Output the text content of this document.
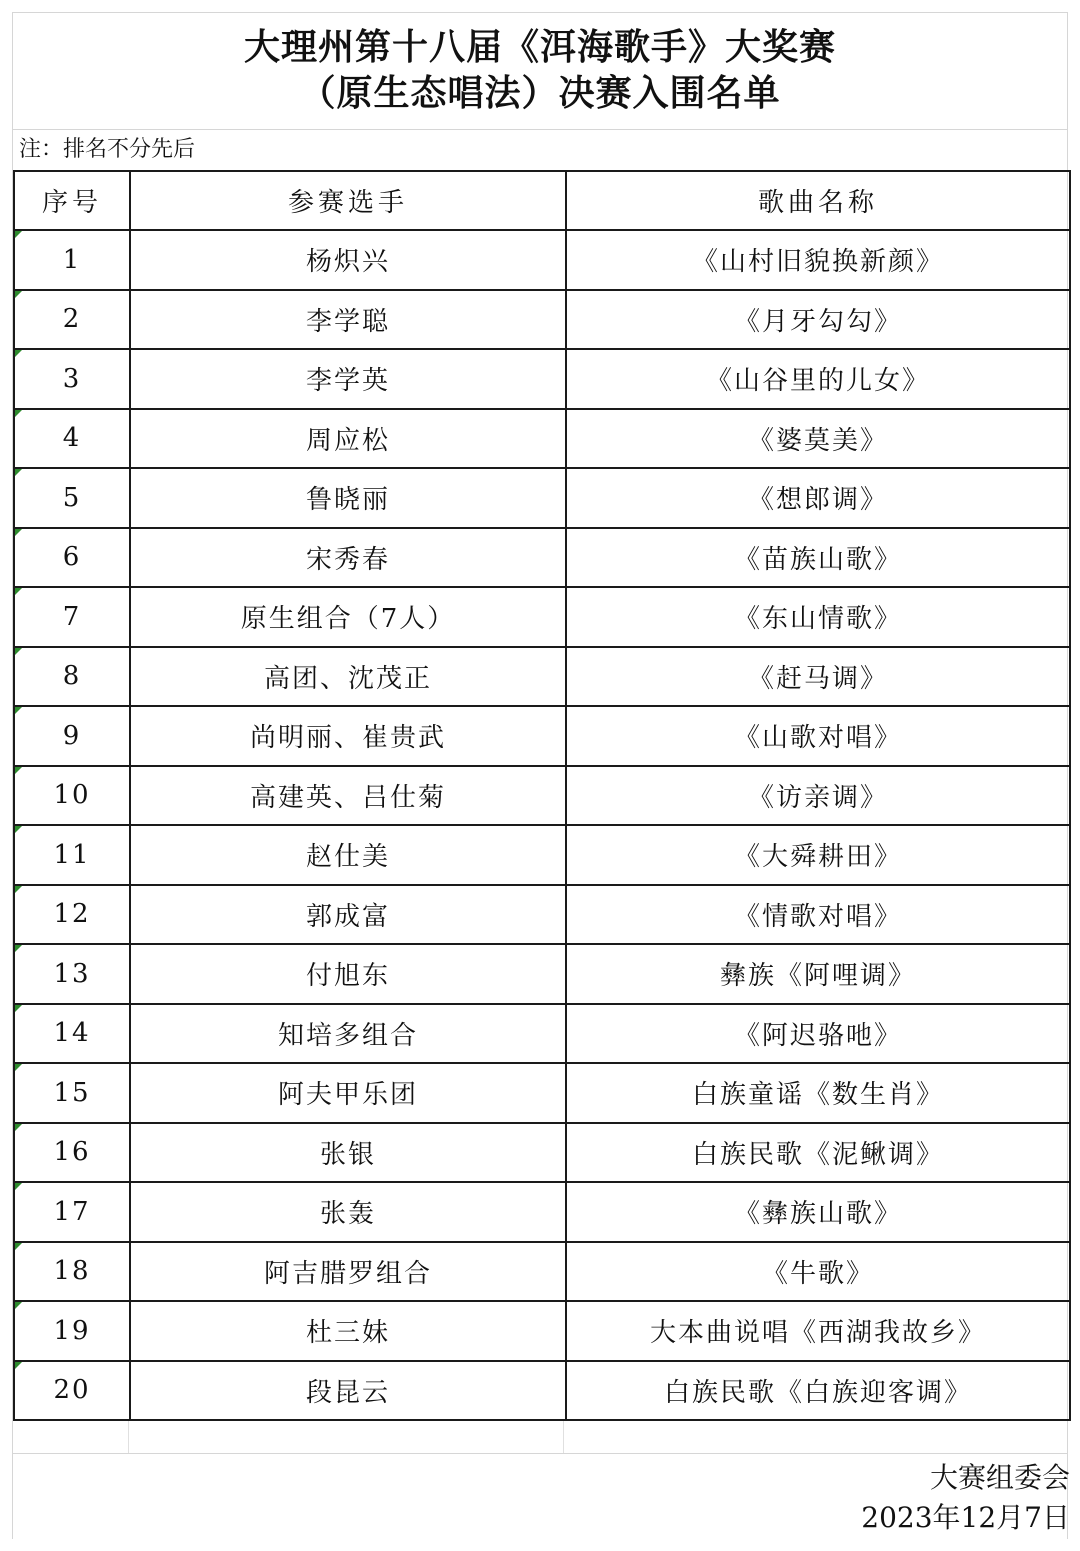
大理州第十八届《洱海歌手》大奖赛
（原生态唱法）决赛入围名单
注：排名不分先后
序号	参赛选手	歌曲名称
1	杨炽兴	《山村旧貌换新颜》
2	李学聪	《月牙勾勾》
3	李学英	《山谷里的儿女》
4	周应松	《婆莫美》
5	鲁晓丽	《想郎调》
6	宋秀春	《苗族山歌》
7	原生组合（7人）	《东山情歌》
8	高团、沈茂正	《赶马调》
9	尚明丽、崔贵武	《山歌对唱》
10	高建英、吕仕菊	《访亲调》
11	赵仕美	《大舜耕田》
12	郭成富	《情歌对唱》
13	付旭东	彝族《阿哩调》
14	知培多组合	《阿迟骆吔》
15	阿夫甲乐团	白族童谣《数生肖》
16	张银	白族民歌《泥鳅调》
17	张轰	《彝族山歌》
18	阿吉腊罗组合	《牛歌》
19	杜三妹	大本曲说唱《西湖我故乡》
20	段昆云	白族民歌《白族迎客调》
大赛组委会
2023年12月7日
